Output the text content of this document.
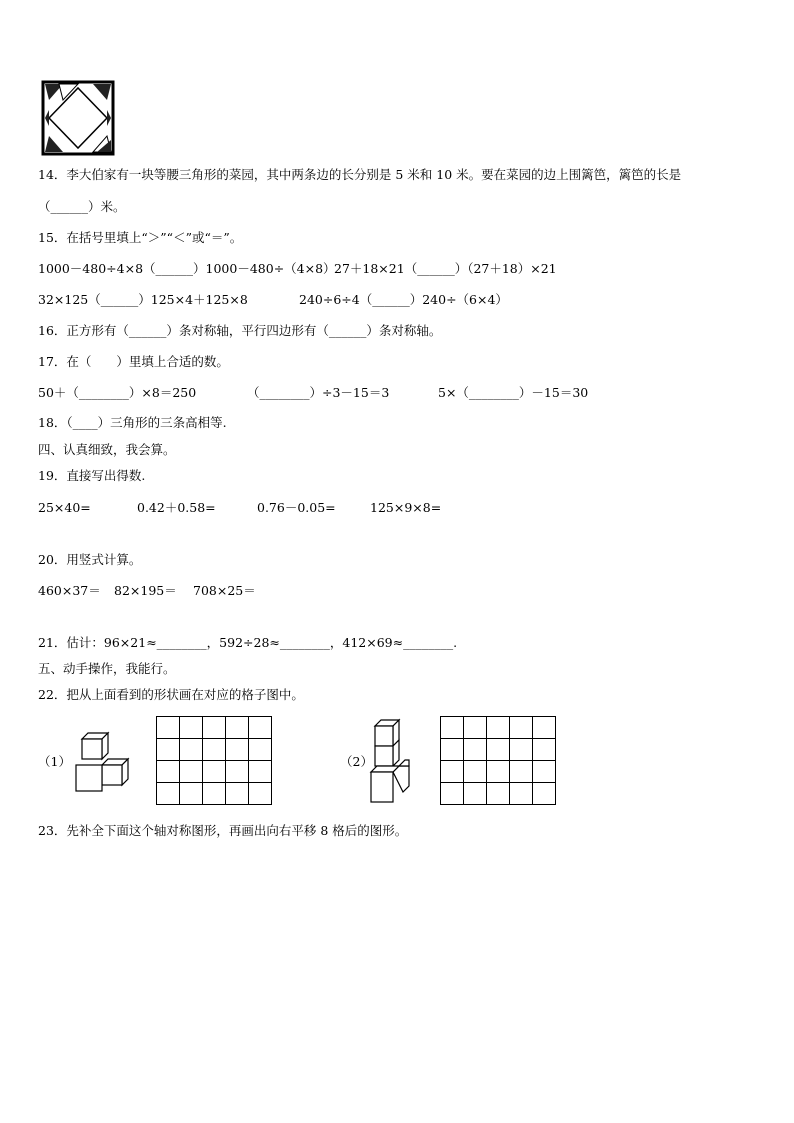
14．李大伯家有一块等腰三角形的菜园，其中两条边的长分别是 5 米和 10 米。要在菜园的边上围篱笆，篱笆的长是
（______）米。
15．在括号里填上“＞”“＜”或“＝”。
1000－480÷4×8（______）1000－480÷（4×8）
27＋18×21（______）（27＋18）×21
32×125（______）125×4＋125×8	240÷6÷4（______）240÷（6×4）
16．正方形有（______）条对称轴，平行四边形有（______）条对称轴。
17．在（　　）里填上合适的数。
50＋（________）×8＝250	（________）÷3－15＝3	5×（________）－15＝30
18．（____）三角形的三条高相等.
四、认真细致，我会算。
19．直接写出得数.
25×40=	0.42＋0.58=	0.76－0.05=	125×9×8=
20．用竖式计算。
460×37＝ 82×195＝ 708×25＝
21．估计：96×21≈________，592÷28≈________，412×69≈________.
五、动手操作，我能行。
22．把从上面看到的形状画在对应的格子图中。
（1）

					（2）

23．先补全下面这个轴对称图形，再画出向右平移 8 格后的图形。
